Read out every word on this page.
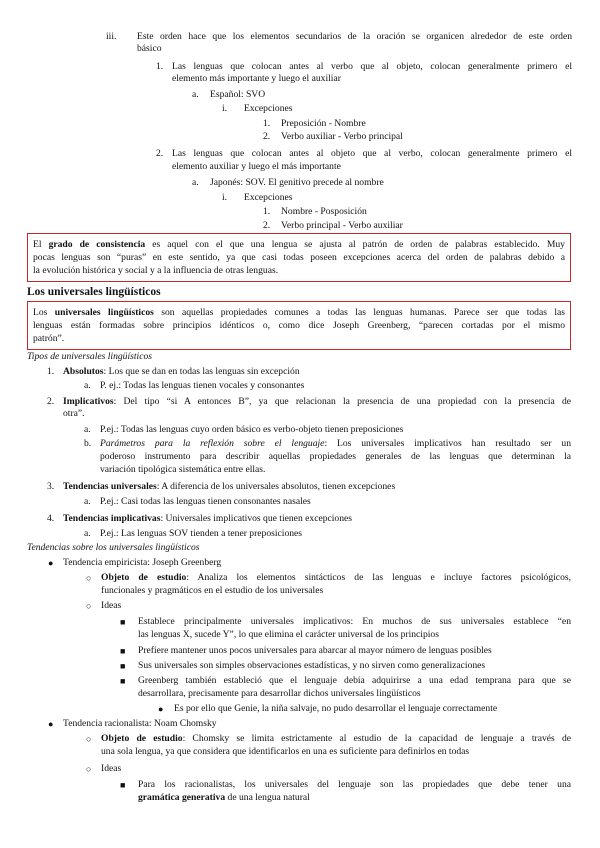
iii. Este orden hace que los elementos secundarios de la oración se organicen alrededor de este orden
básico
1. Las lenguas que colocan antes al verbo que al objeto, colocan generalmente primero el
elemento más importante y luego el auxiliar
a. Español: SVO
i. Excepciones
1. Preposición - Nombre
2. Verbo auxiliar - Verbo principal
2. Las lenguas que colocan antes al objeto que al verbo, colocan generalmente primero el
elemento auxiliar y luego el más importante
a. Japonés: SOV. El genitivo precede al nombre
i. Excepciones
1. Nombre - Posposición
2. Verbo principal - Verbo auxiliar
El grado de consistencia es aquel con el que una lengua se ajusta al patrón de orden de palabras establecido. Muy
pocas lenguas son “puras” en este sentido, ya que casi todas poseen excepciones acerca del orden de palabras debido a
la evolución histórica y social y a la influencia de otras lenguas.
Los universales lingüísticos
Los universales lingüísticos son aquellas propiedades comunes a todas las lenguas humanas. Parece ser que todas las
lenguas están formadas sobre principios idénticos o, como dice Joseph Greenberg, “parecen cortadas por el mismo
patrón”.
Tipos de universales lingüísticos
1. Absolutos: Los que se dan en todas las lenguas sin excepción
a. P. ej.: Todas las lenguas tienen vocales y consonantes
2. Implicativos: Del tipo “si A entonces B”, ya que relacionan la presencia de una propiedad con la presencia de
otra”.
a. P.ej.: Todas las lenguas cuyo orden básico es verbo-objeto tienen preposiciones
b. Parámetros para la reflexión sobre el lenguaje: Los universales implicativos han resultado ser un
poderoso instrumento para describir aquellas propiedades generales de las lenguas que determinan la
variación tipológica sistemática entre ellas.
3. Tendencias universales: A diferencia de los universales absolutos, tienen excepciones
a. P.ej.: Casi todas las lenguas tienen consonantes nasales
4. Tendencias implicativas: Universales implicativos que tienen excepciones
a. P.ej.: Las lenguas SOV tienden a tener preposiciones
Tendencias sobre los universales lingüísticos
● Tendencia empiricista: Joseph Greenberg
○ Objeto de estudio: Analiza los elementos sintácticos de las lenguas e incluye factores psicológicos,
funcionales y pragmáticos en el estudio de los universales
○ Ideas
■ Establece principalmente universales implicativos: En muchos de sus universales establece “en
las lenguas X, sucede Y”, lo que elimina el carácter universal de los principios
■ Prefiere mantener unos pocos universales para abarcar al mayor número de lenguas posibles
■ Sus universales son simples observaciones estadísticas, y no sirven como generalizaciones
■ Greenberg también estableció que el lenguaje debía adquirirse a una edad temprana para que se
desarrollara, precisamente para desarrollar dichos universales lingüísticos
● Es por ello que Genie, la niña salvaje, no pudo desarrollar el lenguaje correctamente
● Tendencia racionalista: Noam Chomsky
○ Objeto de estudio: Chomsky se limita estrictamente al estudio de la capacidad de lenguaje a través de
una sola lengua, ya que considera que identificarlos en una es suficiente para definirlos en todas
○ Ideas
■ Para los racionalistas, los universales del lenguaje son las propiedades que debe tener una
gramática generativa de una lengua natural
